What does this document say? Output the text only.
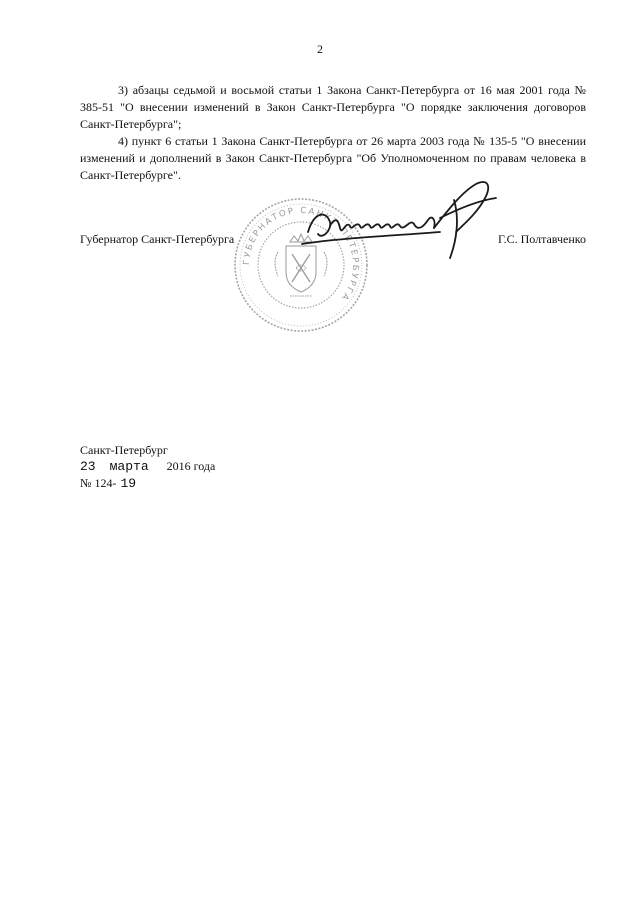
2

3) абзацы седьмой и восьмой статьи 1 Закона Санкт-Петербурга от 16 мая 2001 года № 385-51 "О внесении изменений в Закон Санкт-Петербурга "О порядке заключения договоров Санкт-Петербурга";

4) пункт 6 статьи 1 Закона Санкт-Петербурга от 26 марта 2003 года № 135-5 "О внесении изменений и дополнений в Закон Санкт-Петербурга "Об Уполномоченном по правам человека в Санкт-Петербурге".

ГУБЕРНАТОР САНКТ-ПЕТЕРБУРГА
Губернатор Санкт-Петербурга	Г.С. Полтавченко
Санкт-Петербург
23 марта 2016 года
№ 124- 19
